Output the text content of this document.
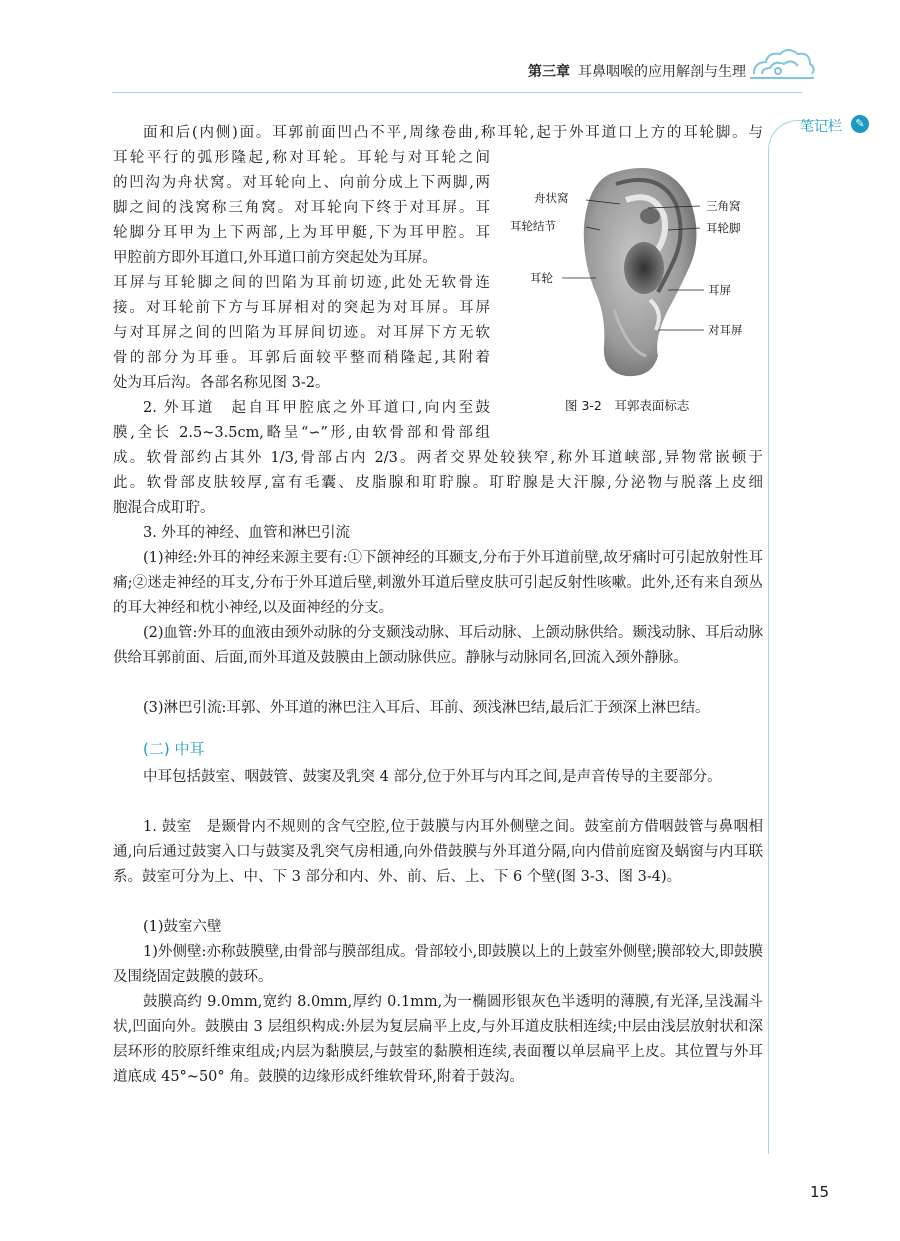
第三章 耳鼻咽喉的应用解剖与生理
笔记栏	✎
面和后(内侧)面。耳郭前面凹凸不平,周缘卷曲,称耳轮,起于外耳道口上方的耳轮脚。与
耳轮平行的弧形隆起,称对耳轮。耳轮与对耳轮之间
的凹沟为舟状窝。对耳轮向上、向前分成上下两脚,两
脚之间的浅窝称三角窝。对耳轮向下终于对耳屏。耳
轮脚分耳甲为上下两部,上为耳甲艇,下为耳甲腔。耳
甲腔前方即外耳道口,外耳道口前方突起处为耳屏。
耳屏与耳轮脚之间的凹陷为耳前切迹,此处无软骨连
接。对耳轮前下方与耳屏相对的突起为对耳屏。耳屏
与对耳屏之间的凹陷为耳屏间切迹。对耳屏下方无软
骨的部分为耳垂。耳郭后面较平整而稍隆起,其附着
处为耳后沟。各部名称见图 3-2。
2. 外耳道　起自耳甲腔底之外耳道口,向内至鼓
膜,全长 2.5~3.5cm,略呈“∽”形,由软骨部和骨部组
成。软骨部约占其外 1/3,骨部占内 2/3。两者交界处较狭窄,称外耳道峡部,异物常嵌顿于
此。软骨部皮肤较厚,富有毛囊、皮脂腺和耵聍腺。耵聍腺是大汗腺,分泌物与脱落上皮细
胞混合成耵聍。
舟状窝
耳轮结节
耳轮
三角窝
耳轮脚
耳屏
对耳屏
图 3-2　耳郭表面标志
3. 外耳的神经、血管和淋巴引流
(1)神经:外耳的神经来源主要有:①下颌神经的耳颞支,分布于外耳道前壁,故牙痛时可引起放射性耳痛;②迷走神经的耳支,分布于外耳道后壁,刺激外耳道后壁皮肤可引起反射性咳嗽。此外,还有来自颈丛的耳大神经和枕小神经,以及面神经的分支。
(2)血管:外耳的血液由颈外动脉的分支颞浅动脉、耳后动脉、上颌动脉供给。颞浅动脉、耳后动脉供给耳郭前面、后面,而外耳道及鼓膜由上颌动脉供应。静脉与动脉同名,回流入颈外静脉。
(3)淋巴引流:耳郭、外耳道的淋巴注入耳后、耳前、颈浅淋巴结,最后汇于颈深上淋巴结。
(二) 中耳
中耳包括鼓室、咽鼓管、鼓窦及乳突 4 部分,位于外耳与内耳之间,是声音传导的主要部分。
1. 鼓室　是颞骨内不规则的含气空腔,位于鼓膜与内耳外侧壁之间。鼓室前方借咽鼓管与鼻咽相通,向后通过鼓窦入口与鼓窦及乳突气房相通,向外借鼓膜与外耳道分隔,向内借前庭窗及蜗窗与内耳联系。鼓室可分为上、中、下 3 部分和内、外、前、后、上、下 6 个壁(图 3-3、图 3-4)。
(1)鼓室六壁
1)外侧壁:亦称鼓膜壁,由骨部与膜部组成。骨部较小,即鼓膜以上的上鼓室外侧壁;膜部较大,即鼓膜及围绕固定鼓膜的鼓环。
鼓膜高约 9.0mm,宽约 8.0mm,厚约 0.1mm,为一椭圆形银灰色半透明的薄膜,有光泽,呈浅漏斗状,凹面向外。鼓膜由 3 层组织构成:外层为复层扁平上皮,与外耳道皮肤相连续;中层由浅层放射状和深层环形的胶原纤维束组成;内层为黏膜层,与鼓室的黏膜相连续,表面覆以单层扁平上皮。其位置与外耳道底成 45°~50° 角。鼓膜的边缘形成纤维软骨环,附着于鼓沟。
15
